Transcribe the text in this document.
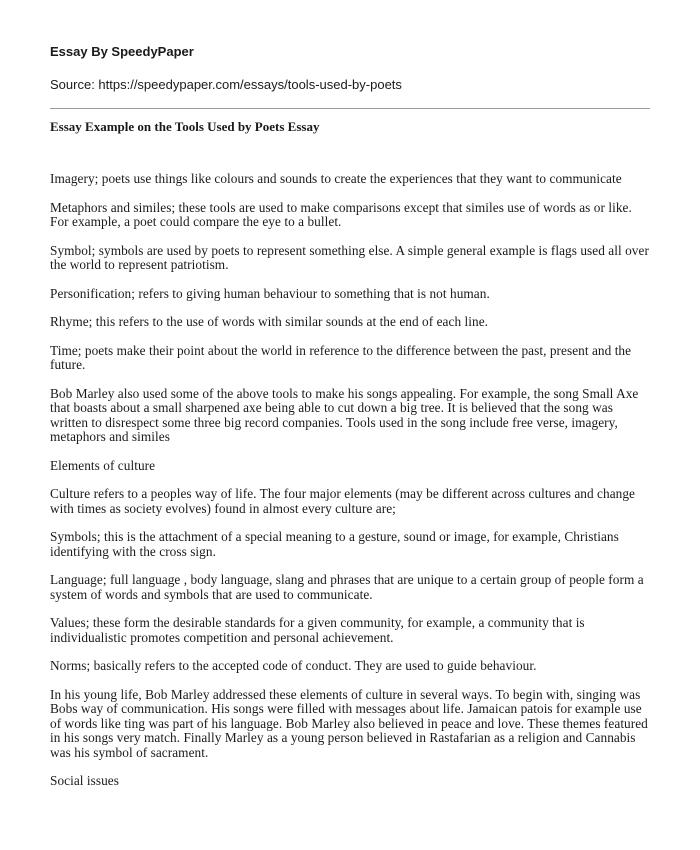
Essay By SpeedyPaper
Source: https://speedypaper.com/essays/tools-used-by-poets
Essay Example on the Tools Used by Poets Essay

Imagery; poets use things like colours and sounds to create the experiences that they want to communicate

Metaphors and similes; these tools are used to make comparisons except that similes use of words as or like. For example, a poet could compare the eye to a bullet.

Symbol; symbols are used by poets to represent something else. A simple general example is flags used all over the world to represent patriotism.

Personification; refers to giving human behaviour to something that is not human.

Rhyme; this refers to the use of words with similar sounds at the end of each line.

Time; poets make their point about the world in reference to the difference between the past, present and the future.

Bob Marley also used some of the above tools to make his songs appealing. For example, the song Small Axe that boasts about a small sharpened axe being able to cut down a big tree. It is believed that the song was written to disrespect some three big record companies. Tools used in the song include free verse, imagery, metaphors and similes

Elements of culture

Culture refers to a peoples way of life. The four major elements (may be different across cultures and change with times as society evolves) found in almost every culture are;

Symbols; this is the attachment of a special meaning to a gesture, sound or image, for example, Christians identifying with the cross sign.

Language; full language , body language, slang and phrases that are unique to a certain group of people form a system of words and symbols that are used to communicate.

Values; these form the desirable standards for a given community, for example, a community that is individualistic promotes competition and personal achievement.

Norms; basically refers to the accepted code of conduct. They are used to guide behaviour.

In his young life, Bob Marley addressed these elements of culture in several ways. To begin with, singing was Bobs way of communication. His songs were filled with messages about life. Jamaican patois for example use of words like ting was part of his language. Bob Marley also believed in peace and love. These themes featured in his songs very match. Finally Marley as a young person believed in Rastafarian as a religion and Cannabis was his symbol of sacrament.

Social issues
